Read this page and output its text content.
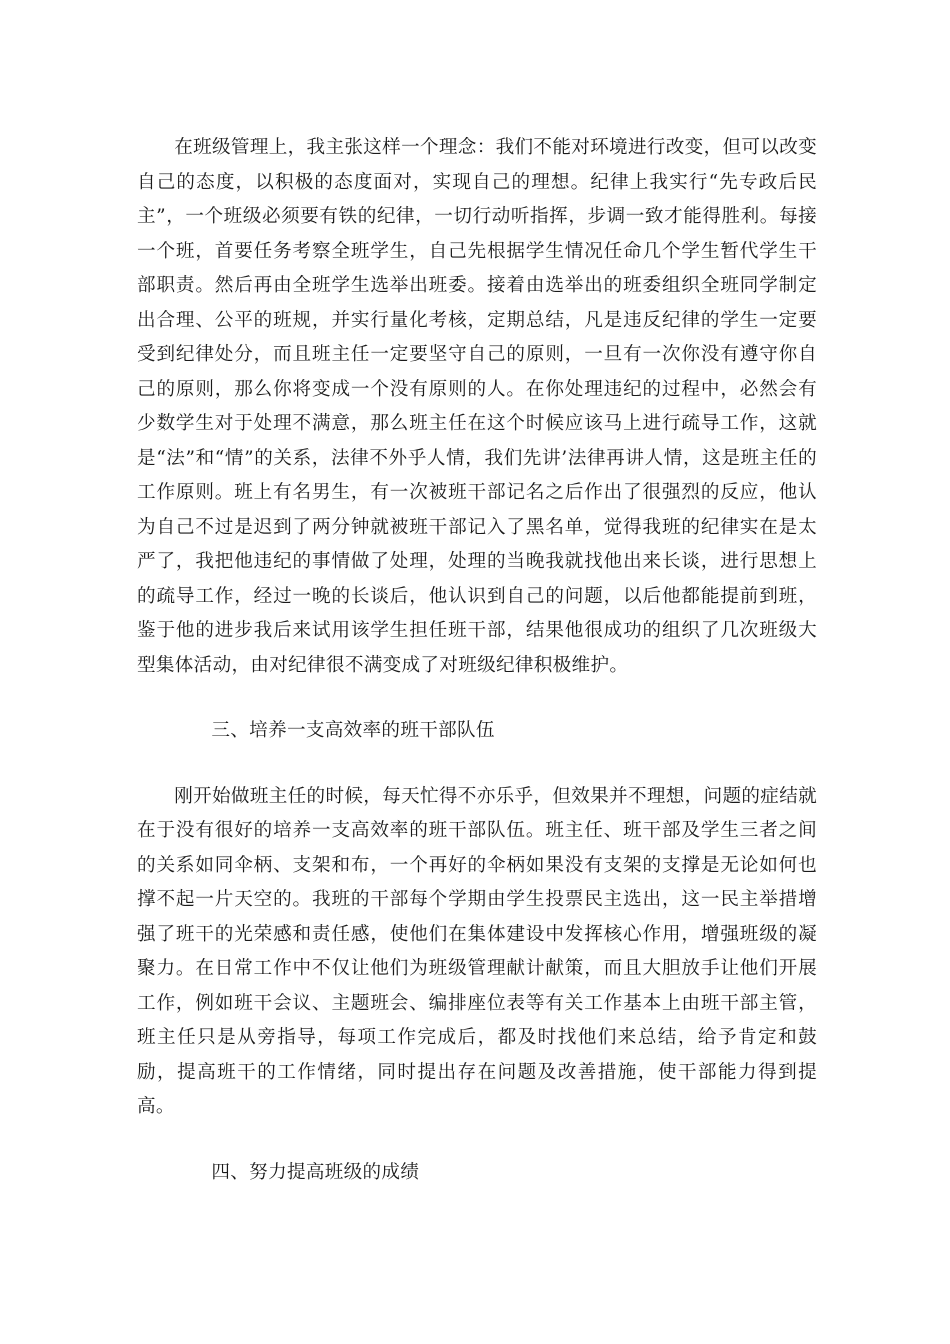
在班级管理上，我主张这样一个理念：我们不能对环境进行改变，但可以改变自己的态度，以积极的态度面对，实现自己的理想。纪律上我实行“先专政后民主”，一个班级必须要有铁的纪律，一切行动听指挥，步调一致才能得胜利。每接一个班，首要任务考察全班学生，自己先根据学生情况任命几个学生暂代学生干部职责。然后再由全班学生选举出班委。接着由选举出的班委组织全班同学制定出合理、公平的班规，并实行量化考核，定期总结，凡是违反纪律的学生一定要受到纪律处分，而且班主任一定要坚守自己的原则，一旦有一次你没有遵守你自己的原则，那么你将变成一个没有原则的人。在你处理违纪的过程中，必然会有少数学生对于处理不满意，那么班主任在这个时候应该马上进行疏导工作，这就是“法”和“情”的关系，法律不外乎人情，我们先讲’法律再讲人情，这是班主任的工作原则。班上有名男生，有一次被班干部记名之后作出了很强烈的反应，他认为自己不过是迟到了两分钟就被班干部记入了黑名单，觉得我班的纪律实在是太严了，我把他违纪的事情做了处理，处理的当晚我就找他出来长谈，进行思想上的疏导工作，经过一晚的长谈后，他认识到自己的问题，以后他都能提前到班，鉴于他的进步我后来试用该学生担任班干部，结果他很成功的组织了几次班级大型集体活动，由对纪律很不满变成了对班级纪律积极维护。

三、培养一支高效率的班干部队伍

刚开始做班主任的时候，每天忙得不亦乐乎，但效果并不理想，问题的症结就在于没有很好的培养一支高效率的班干部队伍。班主任、班干部及学生三者之间的关系如同伞柄、支架和布，一个再好的伞柄如果没有支架的支撑是无论如何也撑不起一片天空的。我班的干部每个学期由学生投票民主选出，这一民主举措增强了班干的光荣感和责任感，使他们在集体建设中发挥核心作用，增强班级的凝聚力。在日常工作中不仅让他们为班级管理献计献策，而且大胆放手让他们开展工作，例如班干会议、主题班会、编排座位表等有关工作基本上由班干部主管，班主任只是从旁指导，每项工作完成后，都及时找他们来总结，给予肯定和鼓励，提高班干的工作情绪，同时提出存在问题及改善措施，使干部能力得到提高。

四、努力提高班级的成绩
